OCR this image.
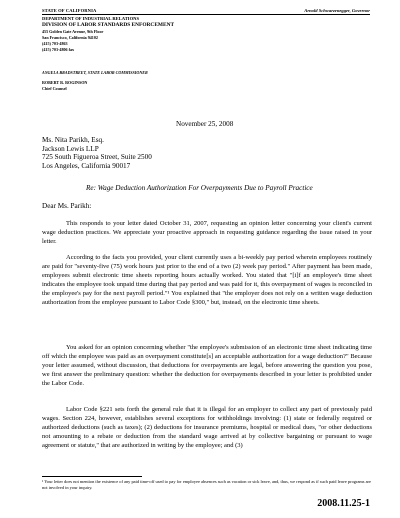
STATE OF CALIFORNIA	Arnold Schwarzenegger, Governor
DEPARTMENT OF INDUSTRIAL RELATIONS
DIVISION OF LABOR STANDARDS ENFORCEMENT
455 Golden Gate Avenue, 9th Floor
San Francisco, California 94102
(415) 703-4863
(415) 703-4806 fax
ANGELA BRADSTREET, STATE LABOR COMMISSIONER
ROBERT R. ROGINSON
Chief Counsel
November 25, 2008
Ms. Nita Parikh, Esq.
Jackson Lewis LLP
725 South Figueroa Street, Suite 2500
Los Angeles, California 90017
Re: Wage Deduction Authorization For Overpayments Due to Payroll Practice
Dear Ms. Parikh:

This responds to your letter dated October 31, 2007, requesting an opinion letter concerning your client's current wage deduction practices. We appreciate your proactive approach in requesting guidance regarding the issue raised in your letter.

According to the facts you provided, your client currently uses a bi-weekly pay period wherein employees routinely are paid for "seventy-five (75) work hours just prior to the end of a two (2) week pay period." After payment has been made, employees submit electronic time sheets reporting hours actually worked. You stated that "[i]f an employee's time sheet indicates the employee took unpaid time during that pay period and was paid for it, this overpayment of wages is reconciled in the employee's pay for the next payroll period."¹ You explained that "the employer does not rely on a written wage deduction authorization from the employee pursuant to Labor Code §300," but, instead, on the electronic time sheets.

You asked for an opinion concerning whether "the employee's submission of an electronic time sheet indicating time off which the employee was paid as an overpayment constitute[s] an acceptable authorization for a wage deduction?" Because your letter assumed, without discussion, that deductions for overpayments are legal, before answering the question you pose, we first answer the preliminary question: whether the deduction for overpayments described in your letter is prohibited under the Labor Code.

Labor Code §221 sets forth the general rule that it is illegal for an employer to collect any part of previously paid wages. Section 224, however, establishes several exceptions for withholdings involving: (1) state or federally required or authorized deductions (such as taxes); (2) deductions for insurance premiums, hospital or medical dues, "or other deductions not amounting to a rebate or deduction from the standard wage arrived at by collective bargaining or pursuant to wage agreement or statute," that are authorized in writing by the employee; and (3)

¹ Your letter does not mention the existence of any paid time-off used to pay for employee absences such as vacation or sick leave, and, thus, we respond as if such paid leave programs are not involved in your inquiry.

2008.11.25-1
